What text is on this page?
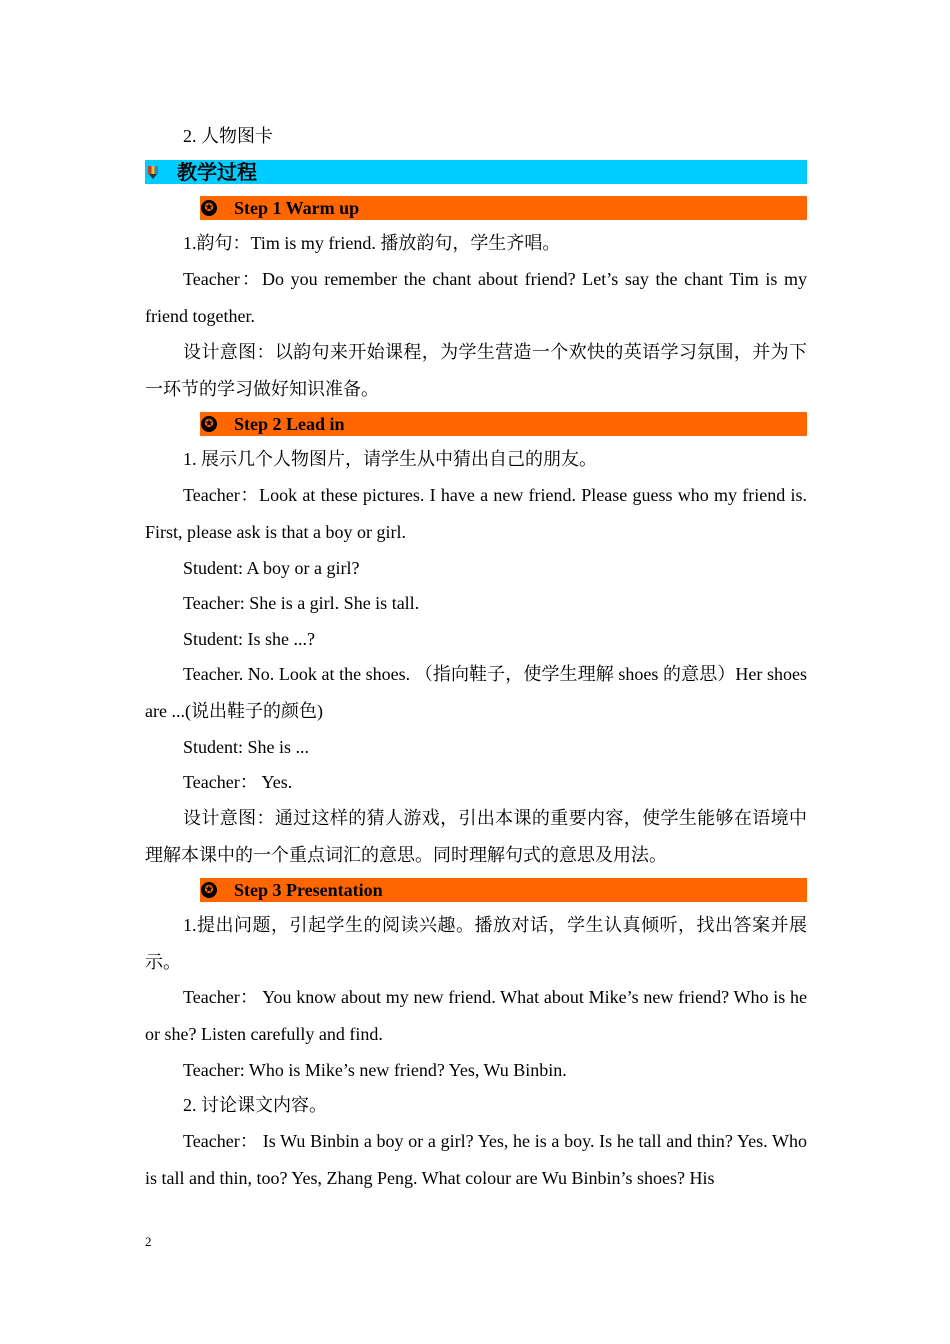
2. 人物图卡

教学过程
✪ Step 1 Warm up

1.韵句：Tim is my friend. 播放韵句，学生齐唱。

Teacher：Do you remember the chant about friend? Let’s say the chant Tim is my friend together.

设计意图：以韵句来开始课程，为学生营造一个欢快的英语学习氛围，并为下一环节的学习做好知识准备。

✪ Step 2 Lead in

1. 展示几个人物图片，请学生从中猜出自己的朋友。

Teacher：Look at these pictures. I have a new friend. Please guess who my friend is. First, please ask is that a boy or girl.

Student: A boy or a girl?

Teacher: She is a girl. She is tall.

Student: Is she ...?

Teacher. No. Look at the shoes. （指向鞋子，使学生理解 shoes 的意思）Her shoes are ...(说出鞋子的颜色)

Student: She is ...

Teacher： Yes.

设计意图：通过这样的猜人游戏，引出本课的重要内容，使学生能够在语境中理解本课中的一个重点词汇的意思。同时理解句式的意思及用法。

✪ Step 3 Presentation

1.提出问题，引起学生的阅读兴趣。播放对话，学生认真倾听，找出答案并展示。

Teacher： You know about my new friend. What about Mike’s new friend? Who is he or she? Listen carefully and find.

Teacher: Who is Mike’s new friend? Yes, Wu Binbin.

2. 讨论课文内容。

Teacher： Is Wu Binbin a boy or a girl? Yes, he is a boy. Is he tall and thin? Yes. Who is tall and thin, too? Yes, Zhang Peng. What colour are Wu Binbin’s shoes? His

2
